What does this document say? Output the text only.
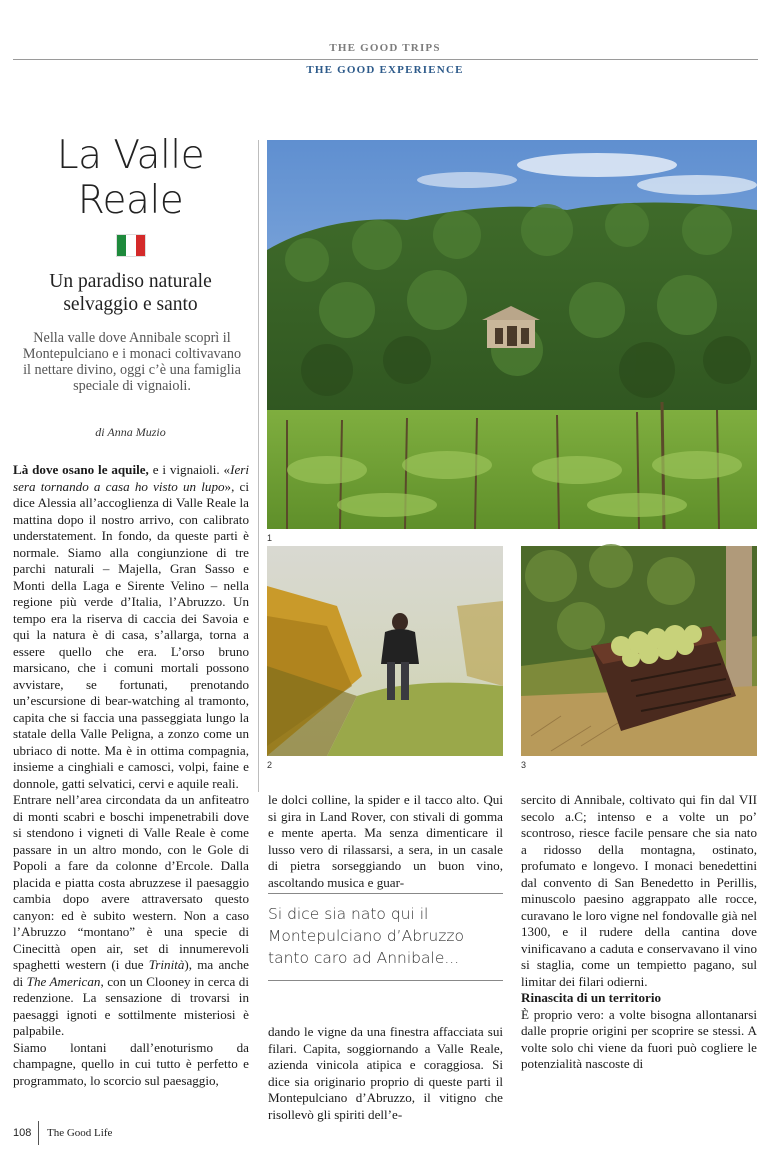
THE GOOD TRIPS
THE GOOD EXPERIENCE
La Valle
Reale
Un paradiso naturale selvaggio e santo
Nella valle dove Annibale scoprì il Montepulciano e i monaci coltivavano il nettare divino, oggi c’è una famiglia speciale di vignaioli.
di Anna Muzio

Là dove osano le aquile, e i vignaioli. «Ieri sera tornando a casa ho visto un lupo», ci dice Alessia all’accoglienza di Valle Reale la mattina dopo il nostro arrivo, con calibrato understatement. In fondo, da queste parti è normale. Siamo alla congiunzione di tre parchi naturali – Majella, Gran Sasso e Monti della Laga e Sirente Velino – nella regione più verde d’Italia, l’Abruzzo. Un tempo era la riserva di caccia dei Savoia e qui la natura è di casa, s’allarga, torna a essere quello che era. L’orso bruno marsicano, che i comuni mortali possono avvistare, se fortunati, prenotando un’escursione di bear-watching al tramonto, capita che si faccia una passeggiata lungo la statale della Valle Peligna, a zonzo come un ubriaco di notte. Ma è in ottima compagnia, insieme a cinghiali e camosci, volpi, faine e donnole, gatti selvatici, cervi e aquile reali.

Entrare nell’area circondata da un anfiteatro di monti scabri e boschi impenetrabili dove si stendono i vigneti di Valle Reale è come passare in un altro mondo, con le Gole di Popoli a fare da colonne d’Ercole. Dalla placida e piatta costa abruzzese il paesaggio cambia dopo avere attraversato questo canyon: ed è subito western. Non a caso l’Abruzzo “montano” è una specie di Cinecittà open air, set di innumerevoli spaghetti western (i due Trinità), ma anche di The American, con un Clooney in cerca di redenzione. La sensazione di trovarsi in paesaggi ignoti e sottilmente misteriosi è palpabile.

Siamo lontani dall’enoturismo da champagne, quello in cui tutto è perfetto e programmato, lo scorcio sul paesaggio,

1
2	3

le dolci colline, la spider e il tacco alto. Qui si gira in Land Rover, con stivali di gomma e mente aperta. Ma senza dimenticare il lusso vero di rilassarsi, a sera, in un casale di pietra sorseggiando un buon vino, ascoltando musica e guar-

Si dice sia nato qui il
Montepulciano d’Abruzzo
tanto caro ad Annibale...

dando le vigne da una finestra affacciata sui filari. Capita, soggiornando a Valle Reale, azienda vinicola atipica e coraggiosa. Si dice sia originario proprio di queste parti il Montepulciano d’Abruzzo, il vitigno che risollevò gli spiriti dell’e-

sercito di Annibale, coltivato qui fin dal VII secolo a.C; intenso e a volte un po’ scontroso, riesce facile pensare che sia nato a ridosso della montagna, ostinato, profumato e longevo. I monaci benedettini dal convento di San Benedetto in Perillis, minuscolo paesino aggrappato alle rocce, curavano le loro vigne nel fondovalle già nel 1300, e il rudere della cantina dove vinificavano a caduta e conservavano il vino si staglia, come un tempietto pagano, sul limitar dei filari odierni.

Rinascita di un territorio

È proprio vero: a volte bisogna allontanarsi dalle proprie origini per scoprire se stessi. A volte solo chi viene da fuori può cogliere le potenzialità nascoste di

108 The Good Life
